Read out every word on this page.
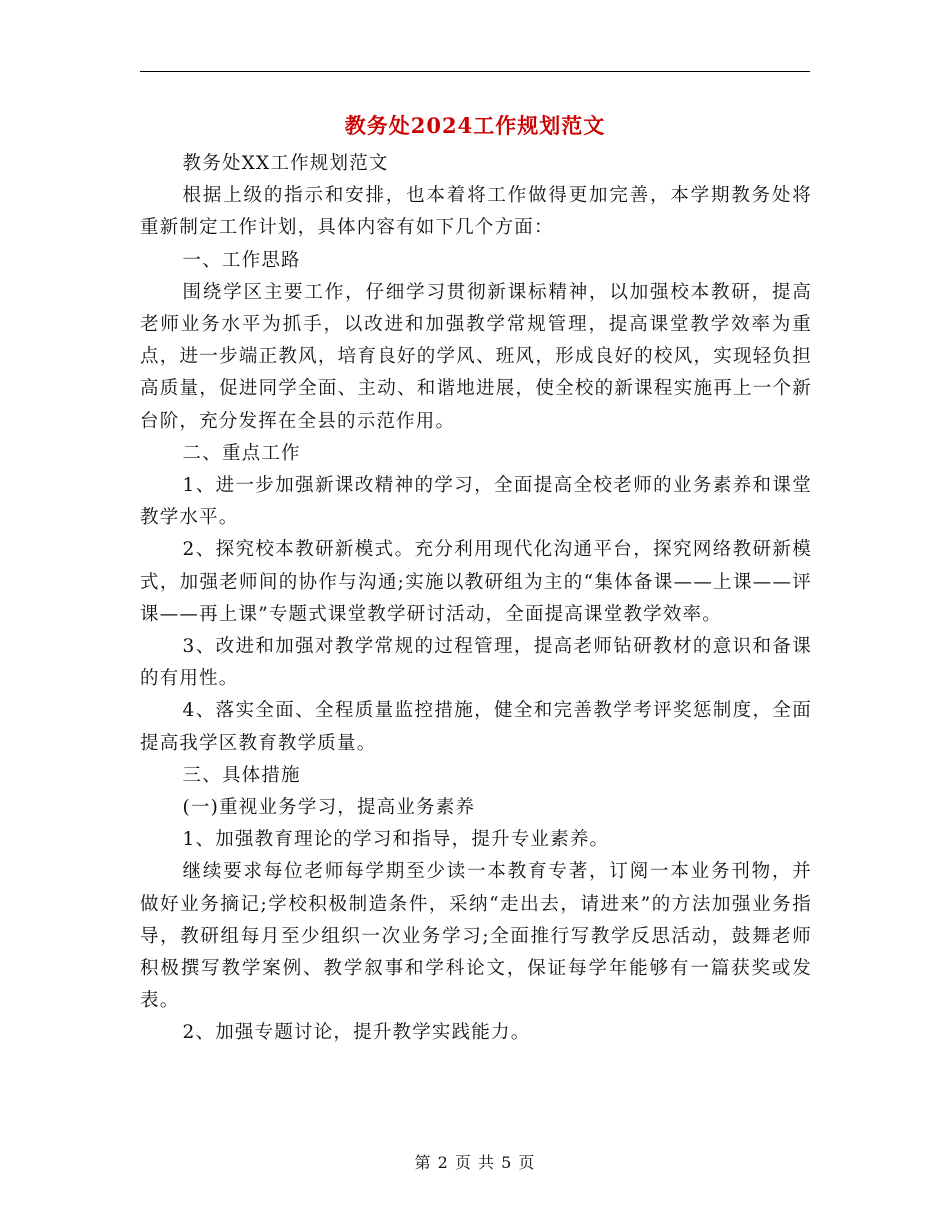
教务处2024工作规划范文

教务处XX工作规划范文

根据上级的指示和安排，也本着将工作做得更加完善，本学期教务处将重新制定工作计划，具体内容有如下几个方面：

一、工作思路

围绕学区主要工作，仔细学习贯彻新课标精神，以加强校本教研，提高老师业务水平为抓手，以改进和加强教学常规管理，提高课堂教学效率为重点，进一步端正教风，培育良好的学风、班风，形成良好的校风，实现轻负担高质量，促进同学全面、主动、和谐地进展，使全校的新课程实施再上一个新台阶，充分发挥在全县的示范作用。

二、重点工作

1、进一步加强新课改精神的学习，全面提高全校老师的业务素养和课堂教学水平。

2、探究校本教研新模式。充分利用现代化沟通平台，探究网络教研新模式，加强老师间的协作与沟通;实施以教研组为主的“集体备课——上课——评课——再上课”专题式课堂教学研讨活动，全面提高课堂教学效率。

3、改进和加强对教学常规的过程管理，提高老师钻研教材的意识和备课的有用性。

4、落实全面、全程质量监控措施，健全和完善教学考评奖惩制度，全面提高我学区教育教学质量。

三、具体措施

(一)重视业务学习，提高业务素养

1、加强教育理论的学习和指导，提升专业素养。

继续要求每位老师每学期至少读一本教育专著，订阅一本业务刊物，并做好业务摘记;学校积极制造条件，采纳“走出去，请进来”的方法加强业务指导，教研组每月至少组织一次业务学习;全面推行写教学反思活动，鼓舞老师积极撰写教学案例、教学叙事和学科论文，保证每学年能够有一篇获奖或发表。

2、加强专题讨论，提升教学实践能力。

第 2 页 共 5 页
